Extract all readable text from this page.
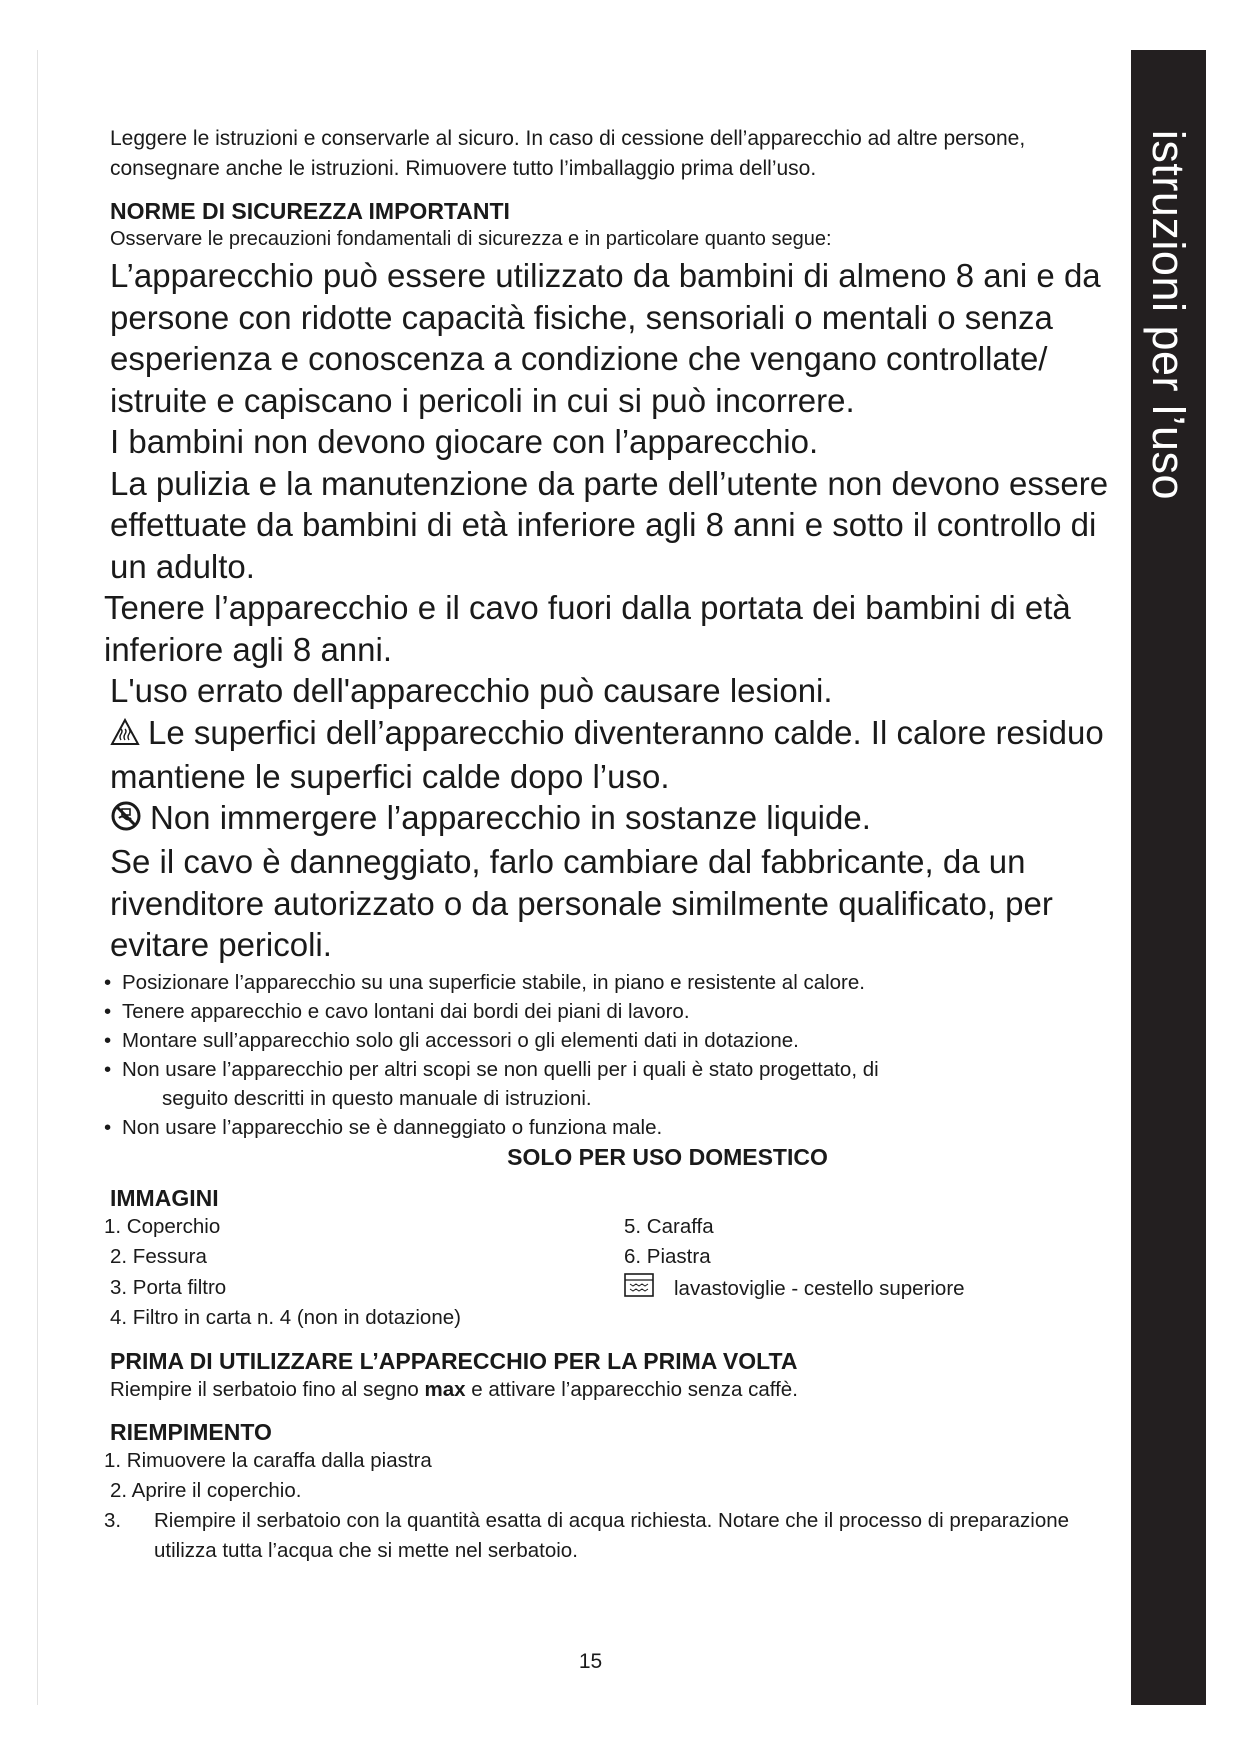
istruzioni per l’uso

Leggere le istruzioni e conservarle al sicuro. In caso di cessione dell’apparecchio ad altre persone, consegnare anche le istruzioni. Rimuovere tutto l’imballaggio prima dell’uso.

NORME DI SICUREZZA IMPORTANTI

Osservare le precauzioni fondamentali di sicurezza e in particolare quanto segue:

L’apparecchio può essere utilizzato da bambini di almeno 8 ani e da persone con ridotte capacità fisiche, sensoriali o mentali o senza esperienza e conoscenza a condizione che vengano controllate/ istruite e capiscano i pericoli in cui si può incorrere.

I bambini non devono giocare con l’apparecchio.

La pulizia e la manutenzione da parte dell’utente non devono essere effettuate da bambini di età inferiore agli 8 anni e sotto il controllo di un adulto.

Tenere l’apparecchio e il cavo fuori dalla portata dei bambini di età inferiore agli 8 anni.

L'uso errato dell'apparecchio può causare lesioni.

Le superfici dell’apparecchio diventeranno calde. Il calore residuo mantiene le superfici calde dopo l’uso.

Non immergere l’apparecchio in sostanze liquide.

Se il cavo è danneggiato, farlo cambiare dal fabbricante, da un rivenditore autorizzato o da personale similmente qualificato, per evitare pericoli.

• Posizionare l’apparecchio su una superficie stabile, in piano e resistente al calore.
• Tenere apparecchio e cavo lontani dai bordi dei piani di lavoro.
• Montare sull’apparecchio solo gli accessori o gli elementi dati in dotazione.
• Non usare l’apparecchio per altri scopi se non quelli per i quali è stato progettato, di
seguito descritti in questo manuale di istruzioni.
• Non usare l’apparecchio se è danneggiato o funziona male.

SOLO PER USO DOMESTICO

IMMAGINI

1. Coperchio
2. Fessura
3. Porta filtro
4. Filtro in carta n. 4 (non in dotazione)
5. Caraffa
6. Piastra
lavastoviglie - cestello superiore

PRIMA DI UTILIZZARE L’APPARECCHIO PER LA PRIMA VOLTA

Riempire il serbatoio fino al segno max e attivare l’apparecchio senza caffè.

RIEMPIMENTO

1. Rimuovere la caraffa dalla piastra
2. Aprire il coperchio.
3.	Riempire il serbatoio con la quantità esatta di acqua richiesta. Notare che il processo di preparazione utilizza tutta l’acqua che si mette nel serbatoio.
15
